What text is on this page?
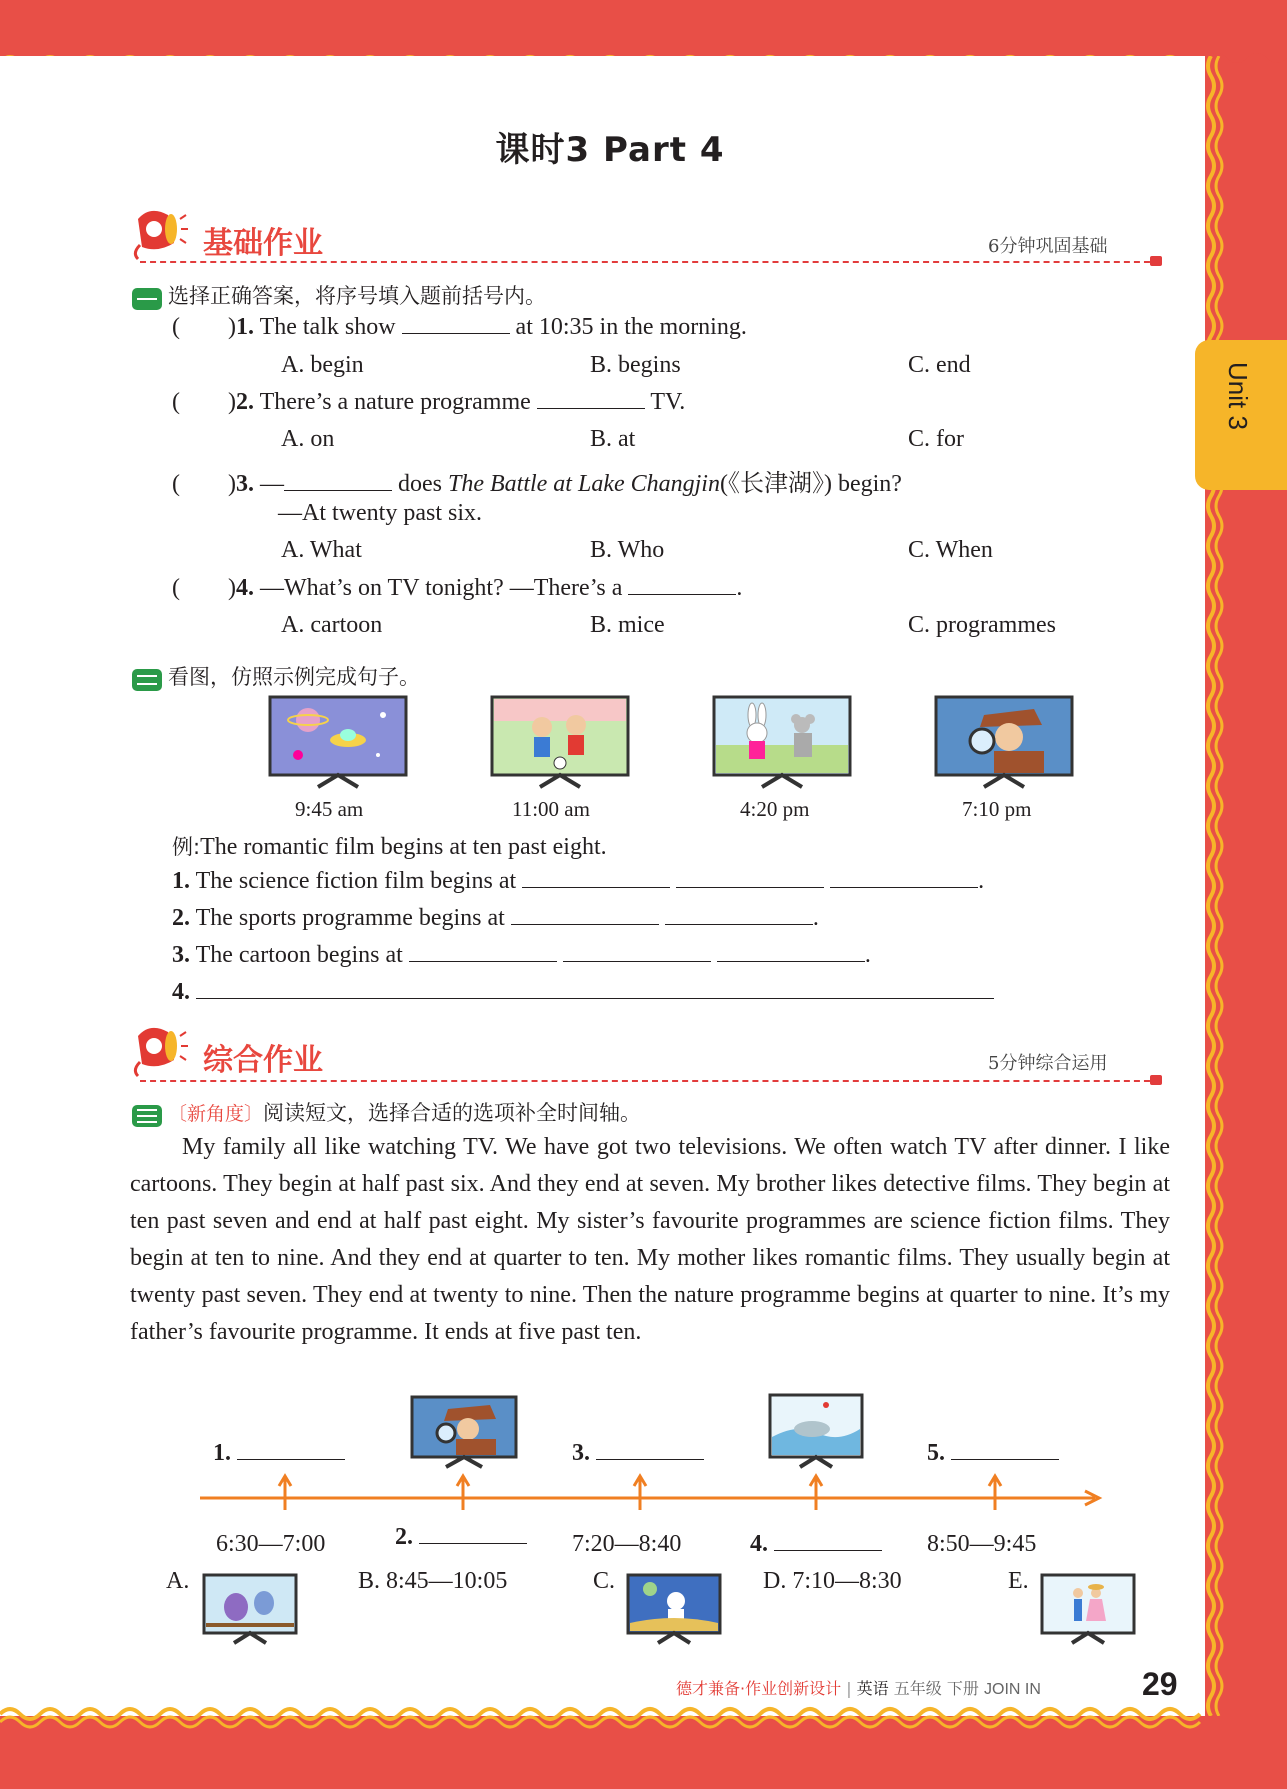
Unit 3
课时3 Part 4
基础作业	6分钟巩固基础
选择正确答案，将序号填入题前括号内。
(        )1. The talk show	at 10:35 in the morning.
A. begin	B. begins	C. end
(        )2. There’s a nature programme	TV.
A. on	B. at	C. for
(        )3. —	does The Battle at Lake Changjin(《长津湖》) begin?
—At twenty past six.
A. What	B. Who	C. When
(        )4. —What’s on TV tonight? —There’s a	.
A. cartoon	B. mice	C. programmes
看图，仿照示例完成句子。
9:45 am	11:00 am	4:20 pm	7:10 pm
例:The romantic film begins at ten past eight.
1. The science fiction film begins at	.
2. The sports programme begins at	.
3. The cartoon begins at	.
4.
综合作业	5分钟综合运用
〔新角度〕阅读短文，选择合适的选项补全时间轴。
My family all like watching TV. We have got two televisions. We often watch TV after dinner. I like cartoons. They begin at half past six. And they end at seven. My brother likes detective films. They begin at ten past seven and end at half past eight. My sister’s favourite programmes are science fiction films. They begin at ten to nine. And they end at quarter to ten. My mother likes romantic films. They usually begin at twenty past seven. They end at twenty to nine. Then the nature programme begins at quarter to nine. It’s my father’s favourite programme. It ends at five past ten.
1.	3.	5.
6:30—7:00	2.	7:20—8:40	4.	8:50—9:45
A.	B. 8:45—10:05	C.	D. 7:10—8:30	E.
德才兼备·作业创新设计 | 英语 五年级 下册 JOIN IN	29
